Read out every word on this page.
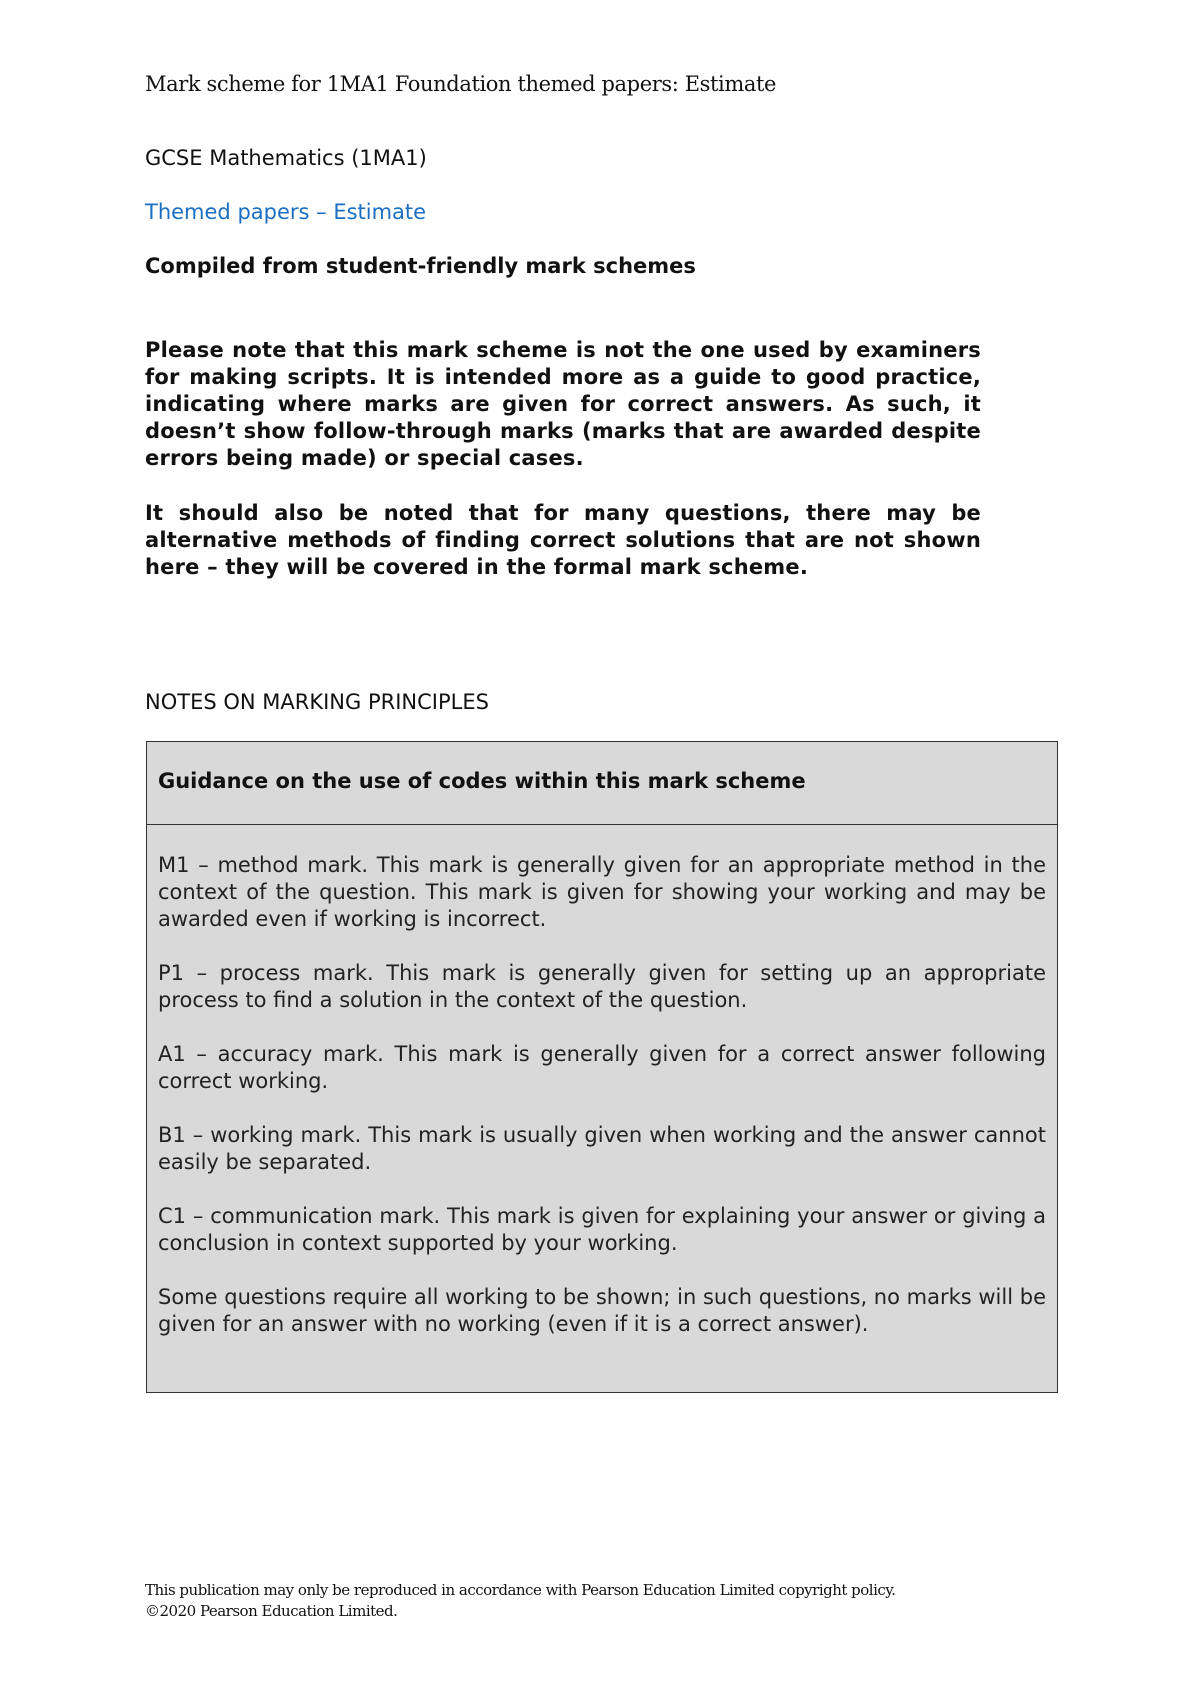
Mark scheme for 1MA1 Foundation themed papers: Estimate

GCSE Mathematics (1MA1)

Themed papers – Estimate

Compiled from student-friendly mark schemes

Please note that this mark scheme is not the one used by examiners for making scripts. It is intended more as a guide to good practice, indicating where marks are given for correct answers. As such, it doesn’t show follow-through marks (marks that are awarded despite errors being made) or special cases.

It should also be noted that for many questions, there may be alternative methods of finding correct solutions that are not shown here – they will be covered in the formal mark scheme.

NOTES ON MARKING PRINCIPLES

Guidance on the use of codes within this mark scheme

M1 – method mark. This mark is generally given for an appropriate method in the context of the question. This mark is given for showing your working and may be awarded even if working is incorrect.

P1 – process mark. This mark is generally given for setting up an appropriate process to find a solution in the context of the question.

A1 – accuracy mark. This mark is generally given for a correct answer following correct working.

B1 – working mark. This mark is usually given when working and the answer cannot easily be separated.

C1 – communication mark. This mark is given for explaining your answer or giving a conclusion in context supported by your working.

Some questions require all working to be shown; in such questions, no marks will be given for an answer with no working (even if it is a correct answer).

This publication may only be reproduced in accordance with Pearson Education Limited copyright policy.
©2020 Pearson Education Limited.
